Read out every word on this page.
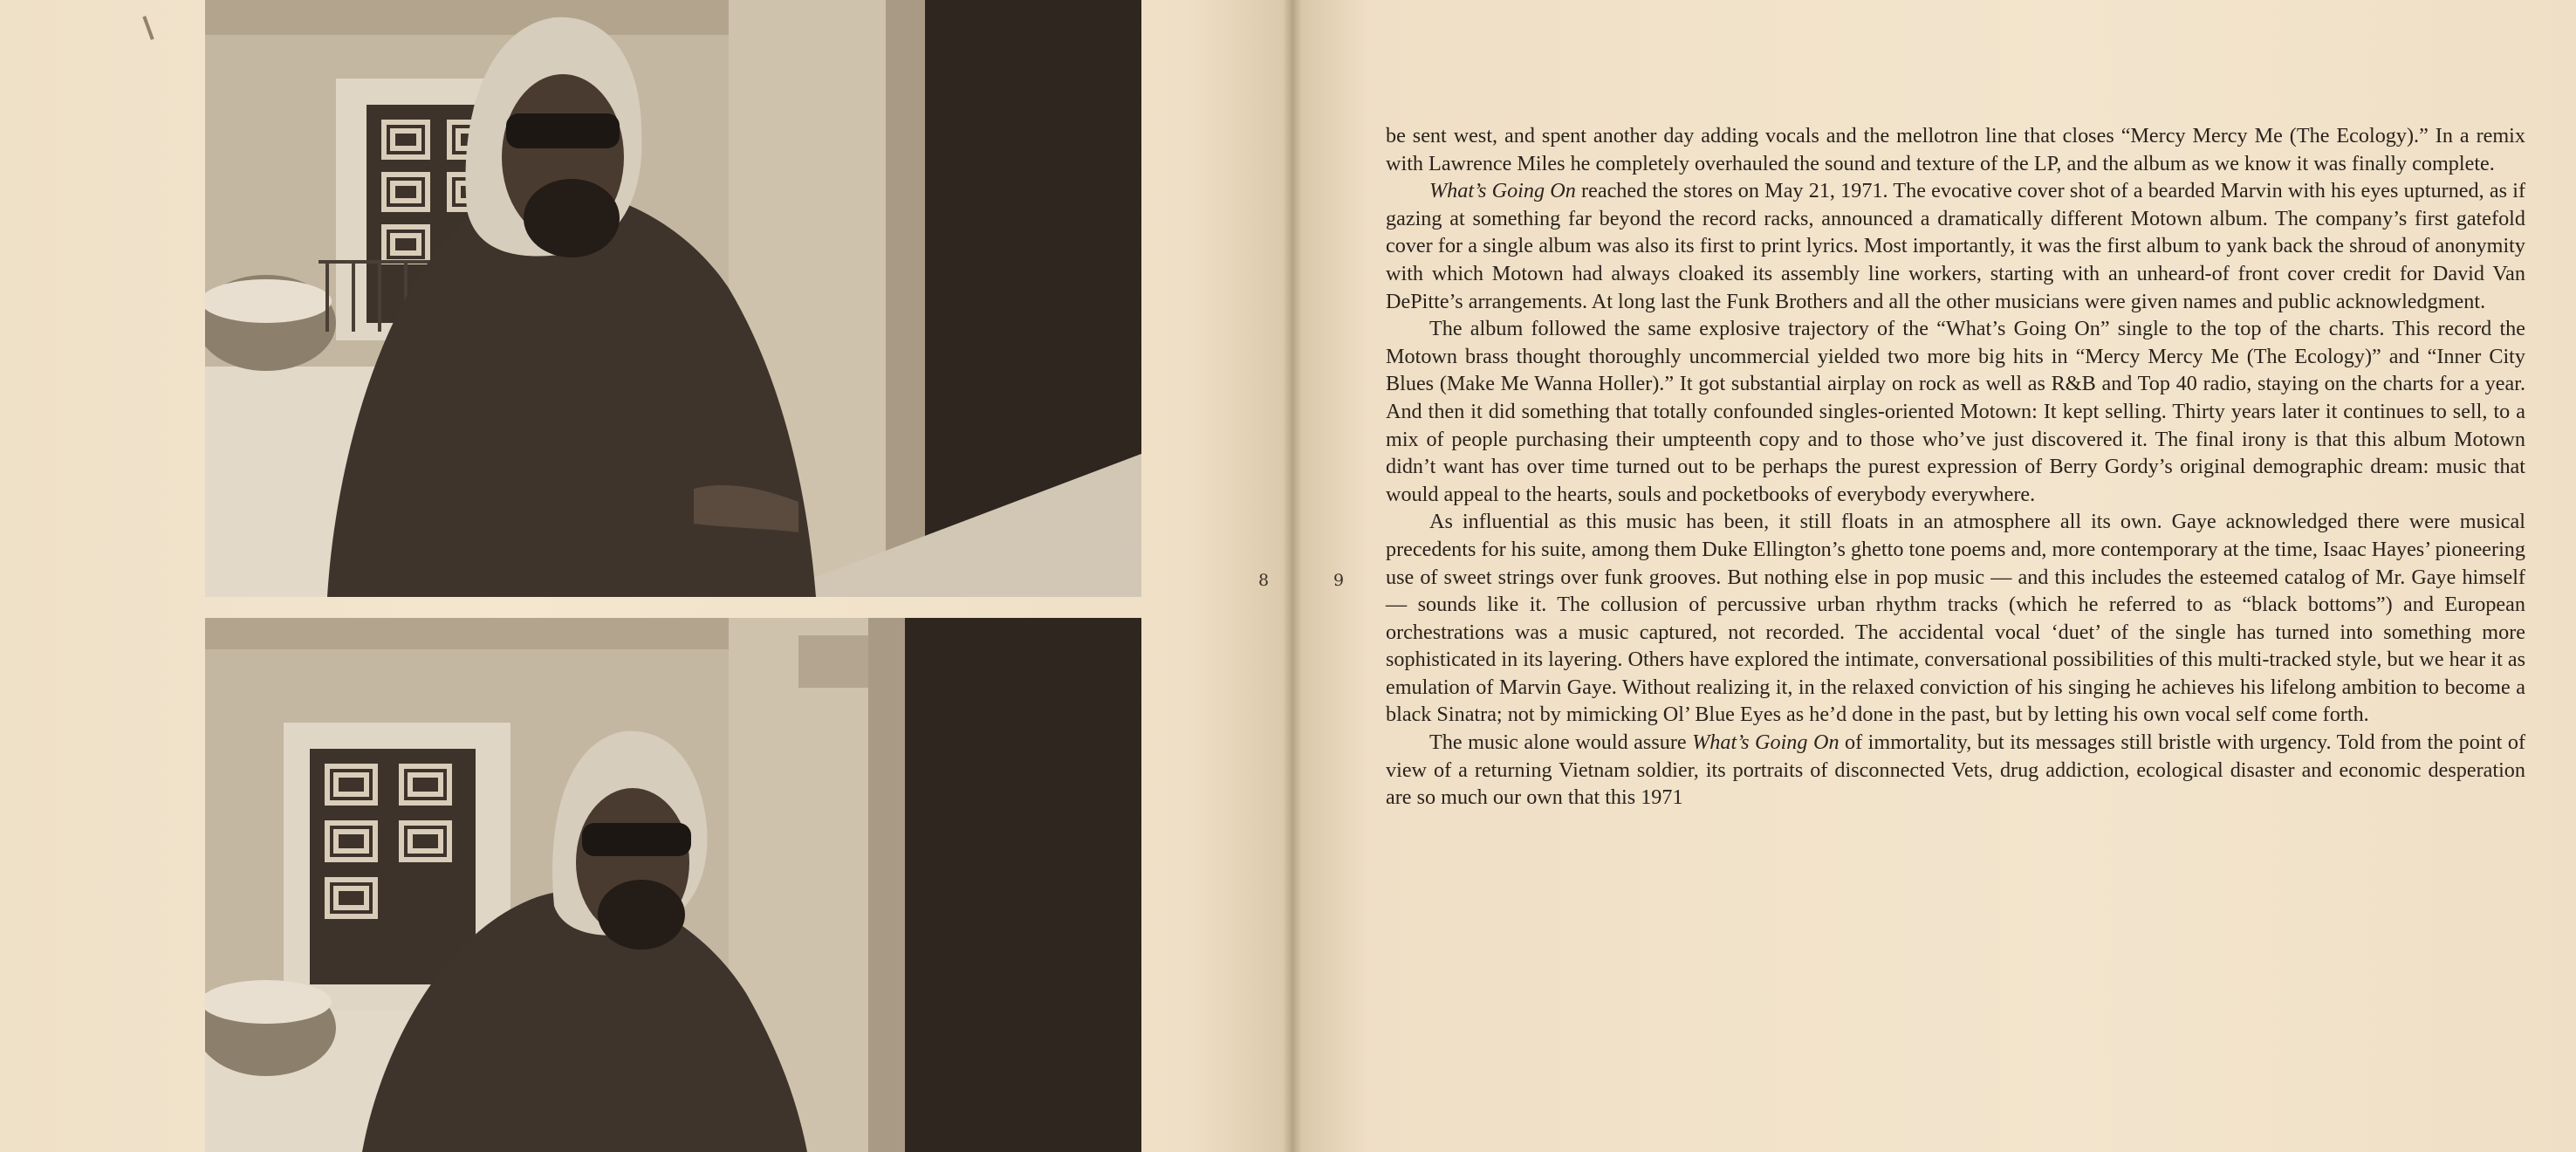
8	9

be sent west, and spent another day adding vocals and the mellotron line that closes “Mercy Mercy Me (The Ecology).” In a remix with Lawrence Miles he completely overhauled the sound and texture of the LP, and the album as we know it was finally complete.

What’s Going On reached the stores on May 21, 1971. The evocative cover shot of a bearded Marvin with his eyes upturned, as if gazing at something far beyond the record racks, announced a dramatically different Motown album. The company’s first gatefold cover for a single album was also its first to print lyrics. Most importantly, it was the first album to yank back the shroud of anonymity with which Motown had always cloaked its assembly line workers, starting with an unheard-of front cover credit for David Van DePitte’s arrangements. At long last the Funk Brothers and all the other musicians were given names and public acknowledgment.

The album followed the same explosive trajectory of the “What’s Going On” single to the top of the charts. This record the Motown brass thought thoroughly uncommercial yielded two more big hits in “Mercy Mercy Me (The Ecology)” and “Inner City Blues (Make Me Wanna Holler).” It got substantial airplay on rock as well as R&B and Top 40 radio, staying on the charts for a year. And then it did something that totally confounded singles-oriented Motown: It kept selling. Thirty years later it continues to sell, to a mix of people purchasing their umpteenth copy and to those who’ve just discovered it. The final irony is that this album Motown didn’t want has over time turned out to be perhaps the purest expression of Berry Gordy’s original demographic dream: music that would appeal to the hearts, souls and pocketbooks of everybody everywhere.

As influential as this music has been, it still floats in an atmosphere all its own. Gaye acknowledged there were musical precedents for his suite, among them Duke Ellington’s ghetto tone poems and, more contemporary at the time, Isaac Hayes’ pioneering use of sweet strings over funk grooves. But nothing else in pop music — and this includes the esteemed catalog of Mr. Gaye himself — sounds like it. The collusion of percussive urban rhythm tracks (which he referred to as “black bottoms”) and European orchestrations was a music captured, not recorded. The accidental vocal ‘duet’ of the single has turned into something more sophisticated in its layering. Others have explored the intimate, conversational possibilities of this multi-tracked style, but we hear it as emulation of Marvin Gaye. Without realizing it, in the relaxed conviction of his singing he achieves his lifelong ambition to become a black Sinatra; not by mimicking Ol’ Blue Eyes as he’d done in the past, but by letting his own vocal self come forth.

The music alone would assure What’s Going On of immortality, but its messages still bristle with urgency. Told from the point of view of a returning Vietnam soldier, its portraits of disconnected Vets, drug addiction, ecological disaster and economic desperation are so much our own that this 1971
